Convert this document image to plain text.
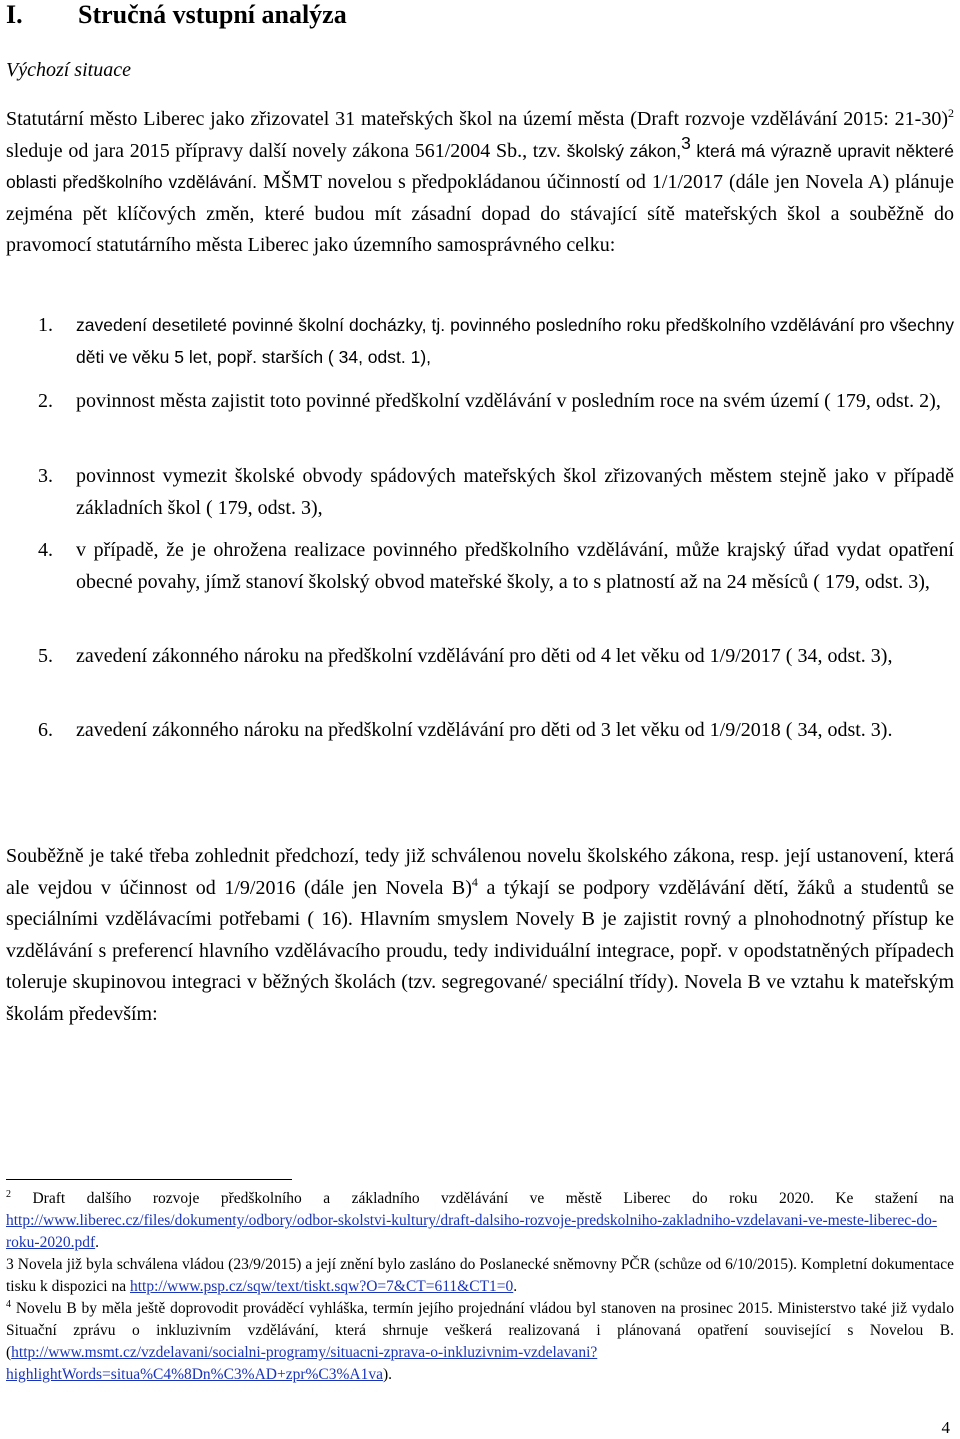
I. Stručná vstupní analýza
Výchozí situace
Statutární město Liberec jako zřizovatel 31 mateřských škol na území města (Draft rozvoje vzdělávání 2015: 21-30)$^2$ sleduje od jara 2015 přípravy další novely zákona 561/2004 Sb., tzv. školský zákon,$^3$ která má výrazně upravit některé oblasti předškolního vzdělávání. MŠMT novelou s předpokládanou účinností od 1/1/2017 (dále jen Novela A) plánuje zejména pět klíčových změn, které budou mít zásadní dopad do stávající sítě mateřských škol a souběžně do pravomocí statutárního města Liberec jako územního samosprávného celku:
1. zavedení desetileté povinné školní docházky, tj. povinného posledního roku předškolního vzdělávání pro všechny děti ve věku 5 let, popř. starších ( 34, odst. 1),
2. povinnost města zajistit toto povinné předškolní vzdělávání v posledním roce na svém území ( 179, odst. 2),
3. povinnost vymezit školské obvody spádových mateřských škol zřizovaných městem stejně jako v případě základních škol ( 179, odst. 3),
4. v případě, že je ohrožena realizace povinného předškolního vzdělávání, může krajský úřad vydat opatření obecné povahy, jímž stanoví školský obvod mateřské školy, a to s platností až na 24 měsíců ( 179, odst. 3),
5. zavedení zákonného nároku na předškolní vzdělávání pro děti od 4 let věku od 1/9/2017 ( 34, odst. 3),
6. zavedení zákonného nároku na předškolní vzdělávání pro děti od 3 let věku od 1/9/2018 ( 34, odst. 3).
Souběžně je také třeba zohlednit předchozí, tedy již schválenou novelu školského zákona, resp. její ustanovení, která ale vejdou v účinnost od 1/9/2016 (dále jen Novela B)$^4$ a týkají se podpory vzdělávání dětí, žáků a studentů se speciálními vzdělávacími potřebami ( 16). Hlavním smyslem Novely B je zajistit rovný a plnohodnotný přístup ke vzdělávání s preferencí hlavního vzdělávacího proudu, tedy individuální integrace, popř. v opodstatněných případech toleruje skupinovou integraci v běžných školách (tzv. segregované/ speciální třídy). Novela B ve vztahu k mateřským školám především:

$^2$ Draft dalšího rozvoje předškolního a základního vzdělávání ve městě Liberec do roku 2020. Ke stažení na http://www.liberec.cz/files/dokumenty/odbory/odbor-skolstvi-kultury/draft-dalsiho-rozvoje-predskolniho-zakladniho-vzdelavani-ve-meste-liberec-do-roku-2020.pdf.

3 Novela již byla schválena vládou (23/9/2015) a její znění bylo zasláno do Poslanecké sněmovny PČR (schůze od 6/10/2015). Kompletní dokumentace tisku k dispozici na http://www.psp.cz/sqw/text/tiskt.sqw?O=7&CT=611&CT1=0.

$^4$ Novelu B by měla ještě doprovodit prováděcí vyhláška, termín jejího projednání vládou byl stanoven na prosinec 2015. Ministerstvo také již vydalo Situační zprávu o inkluzivním vzdělávání, která shrnuje veškerá realizovaná i plánovaná opatření související s Novelou B. (http://www.msmt.cz/vzdelavani/socialni-programy/situacni-zprava-o-inkluzivnim-vzdelavani?highlightWords=situa%C4%8Dn%C3%AD+zpr%C3%A1va).

4
